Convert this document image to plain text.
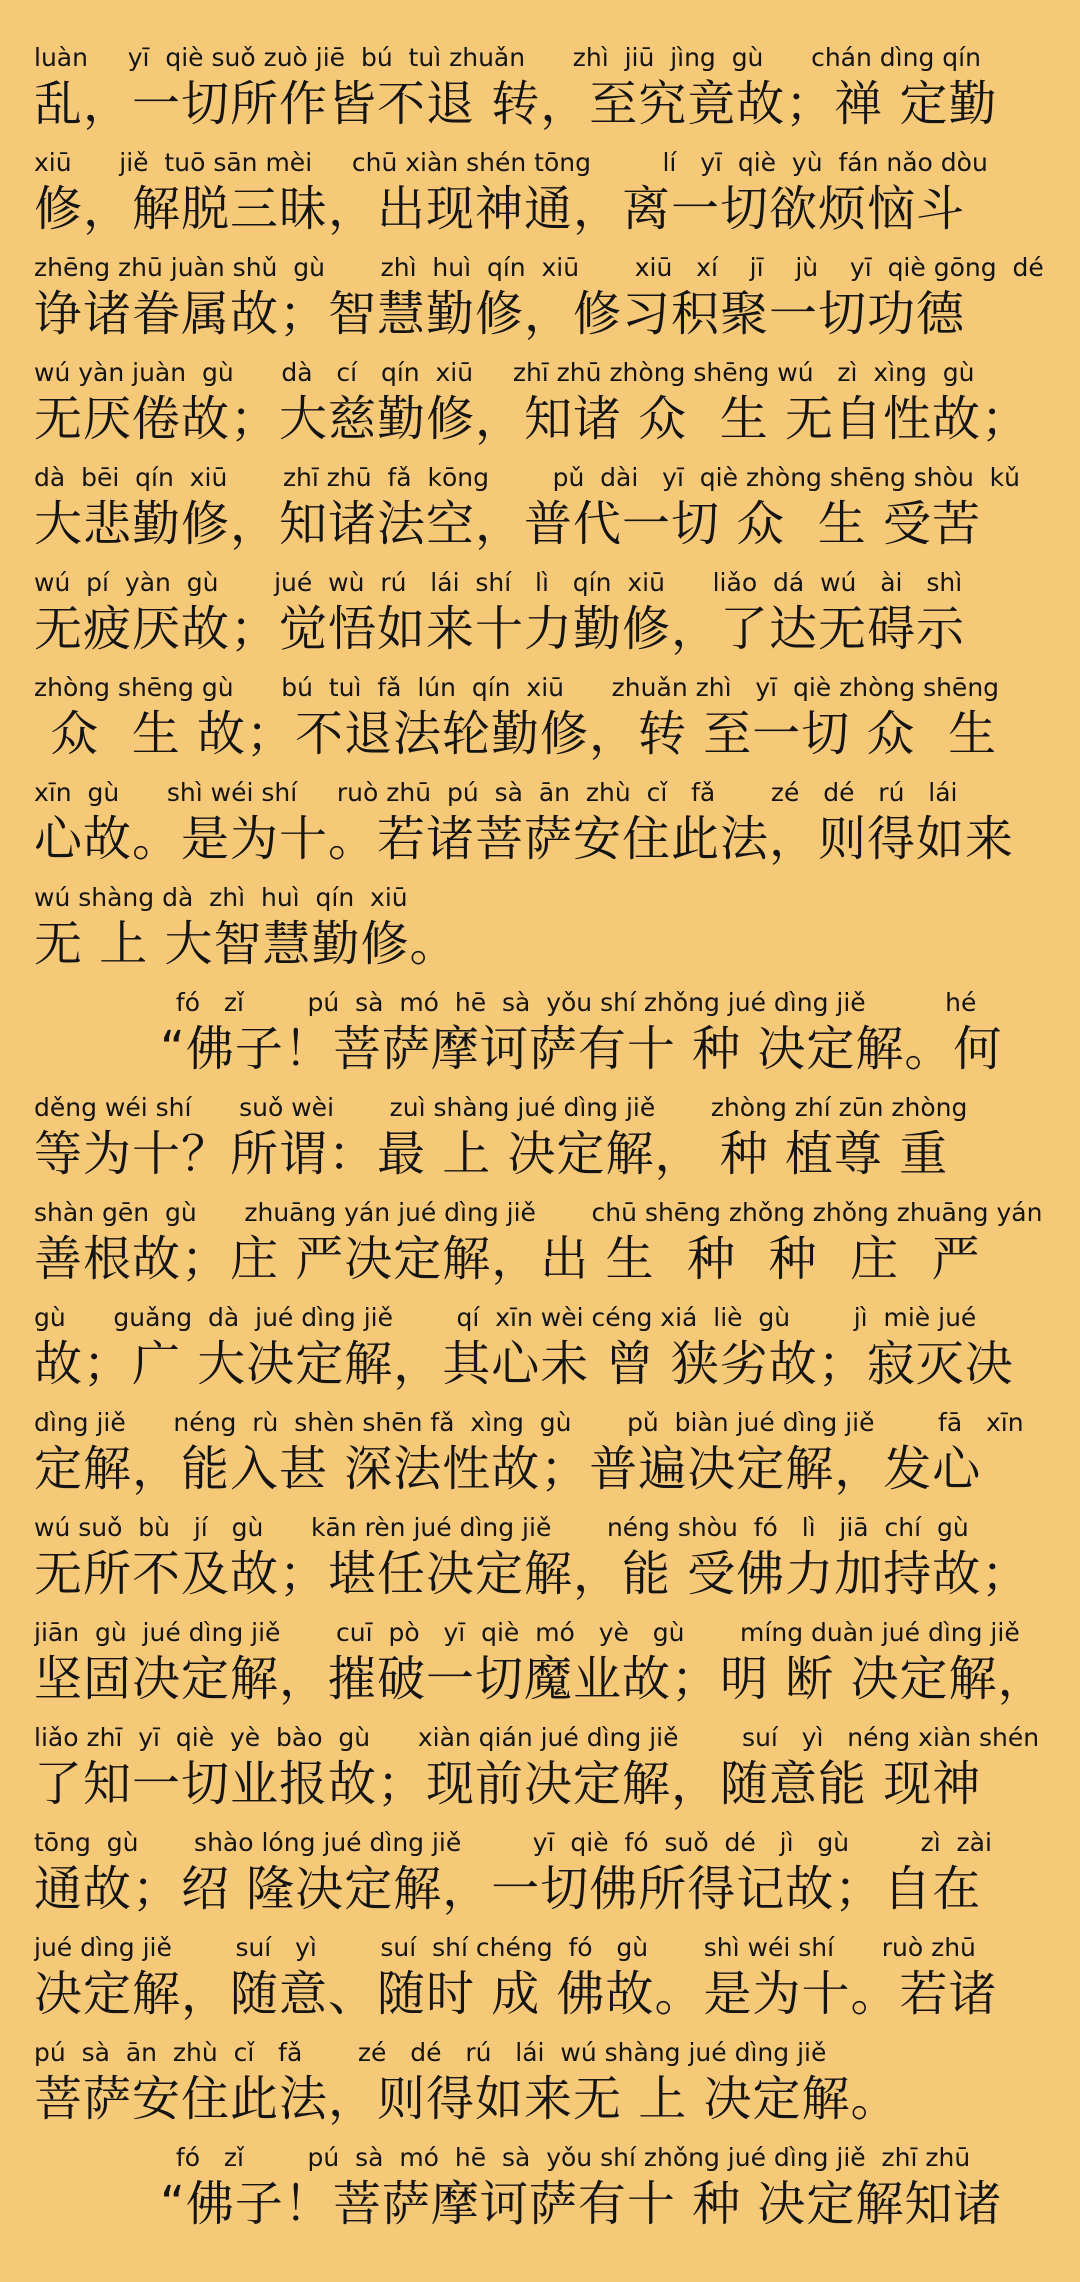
luàn     yī  qiè suǒ zuò jiē  bú  tuì zhuǎn      zhì  jiū  jìng  gù      chán dìng qín
乱，一切所作皆不退 转，至究竟故；禅 定勤
xiū      jiě  tuō sān mèi     chū xiàn shén tōng         lí   yī  qiè  yù  fán nǎo dòu
修，解脱三昧，出现神通，离一切欲烦恼斗
zhēng zhū juàn shǔ  gù       zhì  huì  qín  xiū       xiū   xí    jī    jù    yī  qiè gōng  dé
诤诸眷属故；智慧勤修，修习积聚一切功德
wú yàn juàn  gù      dà   cí   qín  xiū     zhī zhū zhòng shēng wú   zì  xìng  gù
无厌倦故；大慈勤修，知诸 众  生 无自性故；
dà  bēi  qín  xiū       zhī zhū  fǎ  kōng        pǔ  dài   yī  qiè zhòng shēng shòu  kǔ
大悲勤修，知诸法空，普代一切 众  生 受苦
wú  pí  yàn  gù       jué  wù  rú   lái  shí   lì   qín  xiū      liǎo  dá  wú   ài   shì
无疲厌故；觉悟如来十力勤修，了达无碍示
zhòng shēng gù      bú  tuì  fǎ  lún  qín  xiū      zhuǎn zhì   yī  qiè zhòng shēng
众  生 故；不退法轮勤修，转 至一切 众  生
xīn  gù      shì wéi shí     ruò zhū  pú  sà  ān  zhù  cǐ   fǎ       zé   dé   rú   lái
心故。是为十。若诸菩萨安住此法，则得如来
wú shàng dà  zhì  huì  qín  xiū
无 上 大智慧勤修。
fó   zǐ        pú  sà  mó  hē  sà  yǒu shí zhǒng jué dìng jiě          hé
“佛子！菩萨摩诃萨有十 种 决定解。何
děng wéi shí      suǒ wèi       zuì shàng jué dìng jiě       zhòng zhí zūn zhòng
等为十？所谓：最 上 决定解， 种 植尊 重
shàn gēn  gù      zhuāng yán jué dìng jiě       chū shēng zhǒng zhǒng zhuāng yán
善根故；庄 严决定解，出 生  种  种  庄  严
gù      guǎng  dà  jué dìng jiě        qí  xīn wèi céng xiá  liè  gù        jì  miè jué
故；广 大决定解，其心未 曾 狭劣故；寂灭决
dìng jiě      néng  rù  shèn shēn fǎ  xìng  gù       pǔ  biàn jué dìng jiě        fā   xīn
定解，能入甚 深法性故；普遍决定解，发心
wú suǒ  bù   jí   gù      kān rèn jué dìng jiě       néng shòu  fó   lì   jiā  chí  gù
无所不及故；堪任决定解，能 受佛力加持故；
jiān  gù  jué dìng jiě       cuī  pò   yī  qiè  mó   yè   gù       míng duàn jué dìng jiě
坚固决定解，摧破一切魔业故；明 断 决定解，
liǎo zhī  yī  qiè  yè  bào  gù      xiàn qián jué dìng jiě        suí   yì   néng xiàn shén
了知一切业报故；现前决定解，随意能 现神
tōng  gù       shào lóng jué dìng jiě         yī  qiè  fó  suǒ  dé   jì   gù         zì  zài
通故；绍 隆决定解，一切佛所得记故；自在
jué dìng jiě        suí   yì        suí  shí chéng  fó   gù       shì wéi shí      ruò zhū
决定解，随意、随时 成 佛故。是为十。若诸
pú  sà  ān  zhù  cǐ   fǎ       zé   dé   rú   lái  wú shàng jué dìng jiě
菩萨安住此法，则得如来无 上 决定解。
fó   zǐ        pú  sà  mó  hē  sà  yǒu shí zhǒng jué dìng jiě  zhī zhū
“佛子！菩萨摩诃萨有十 种 决定解知诸
